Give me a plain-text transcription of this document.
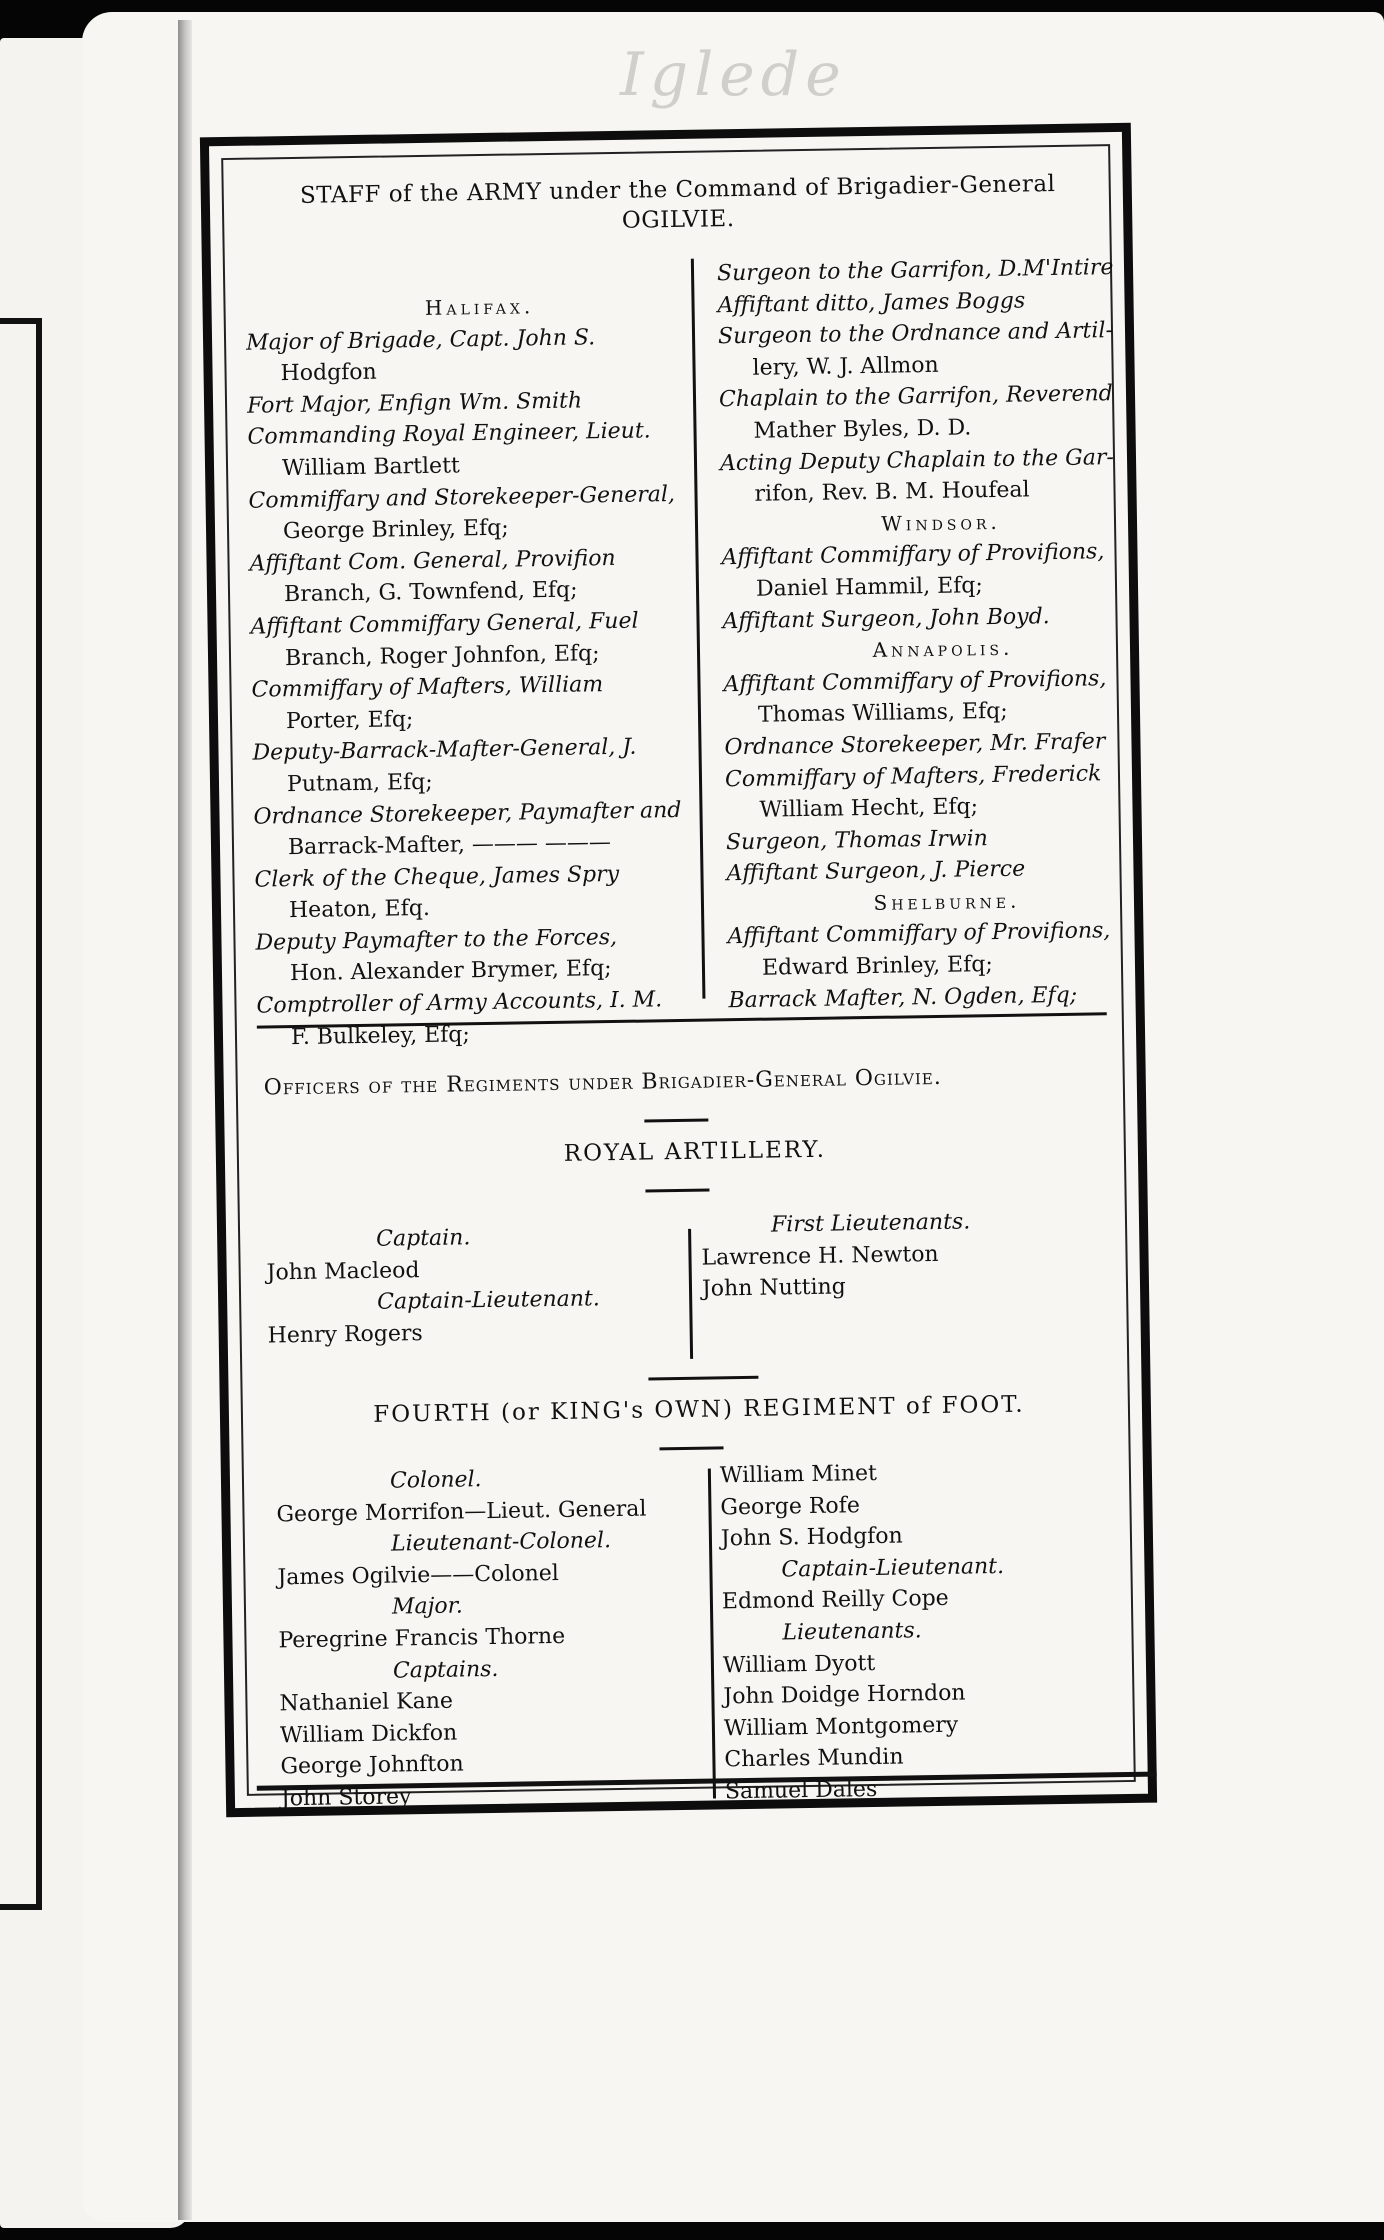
Iglede
STAFF of the ARMY under the Command of Brigadier-General
OGILVIE.
Halifax.
Major of Brigade, Capt. John S.
Hodgfon
Fort Major, Enfign Wm. Smith
Commanding Royal Engineer, Lieut.
William Bartlett
Commiffary and Storekeeper-General,
George Brinley, Efq;
Affiftant Com. General, Provifion
Branch, G. Townfend, Efq;
Affiftant Commiffary General, Fuel
Branch, Roger Johnfon, Efq;
Commiffary of Mafters, William
Porter, Efq;
Deputy-Barrack-Mafter-General, J.
Putnam, Efq;
Ordnance Storekeeper, Paymafter and
Barrack-Mafter, ——— ———
Clerk of the Cheque, James Spry
Heaton, Efq.
Deputy Paymafter to the Forces,
Hon. Alexander Brymer, Efq;
Comptroller of Army Accounts, I. M.
F. Bulkeley, Efq;
Surgeon to the Garrifon, D.M'Intire
Affiftant ditto, James Boggs
Surgeon to the Ordnance and Artil-
lery, W. J. Allmon
Chaplain to the Garrifon, Reverend
Mather Byles, D. D.
Acting Deputy Chaplain to the Gar-
rifon, Rev. B. M. Houfeal
Windsor.
Affiftant Commiffary of Provifions,
Daniel Hammil, Efq;
Affiftant Surgeon, John Boyd.
Annapolis.
Affiftant Commiffary of Provifions,
Thomas Williams, Efq;
Ordnance Storekeeper, Mr. Frafer
Commiffary of Mafters, Frederick
William Hecht, Efq;
Surgeon, Thomas Irwin
Affiftant Surgeon, J. Pierce
Shelburne.
Affiftant Commiffary of Provifions,
Edward Brinley, Efq;
Barrack Mafter, N. Ogden, Efq;
Officers of the Regiments under Brigadier-General Ogilvie.
ROYAL ARTILLERY.
Captain.
John Macleod
Captain-Lieutenant.
Henry Rogers
First Lieutenants.
Lawrence H. Newton
John Nutting
FOURTH (or KING's OWN) REGIMENT of FOOT.
Colonel.
George Morrifon—Lieut. General
Lieutenant-Colonel.
James Ogilvie——Colonel
Major.
Peregrine Francis Thorne
Captains.
Nathaniel Kane
William Dickfon
George Johnfton
John Storey
William Minet
George Rofe
John S. Hodgfon
Captain-Lieutenant.
Edmond Reilly Cope
Lieutenants.
William Dyott
John Doidge Horndon
William Montgomery
Charles Mundin
Samuel Dales
